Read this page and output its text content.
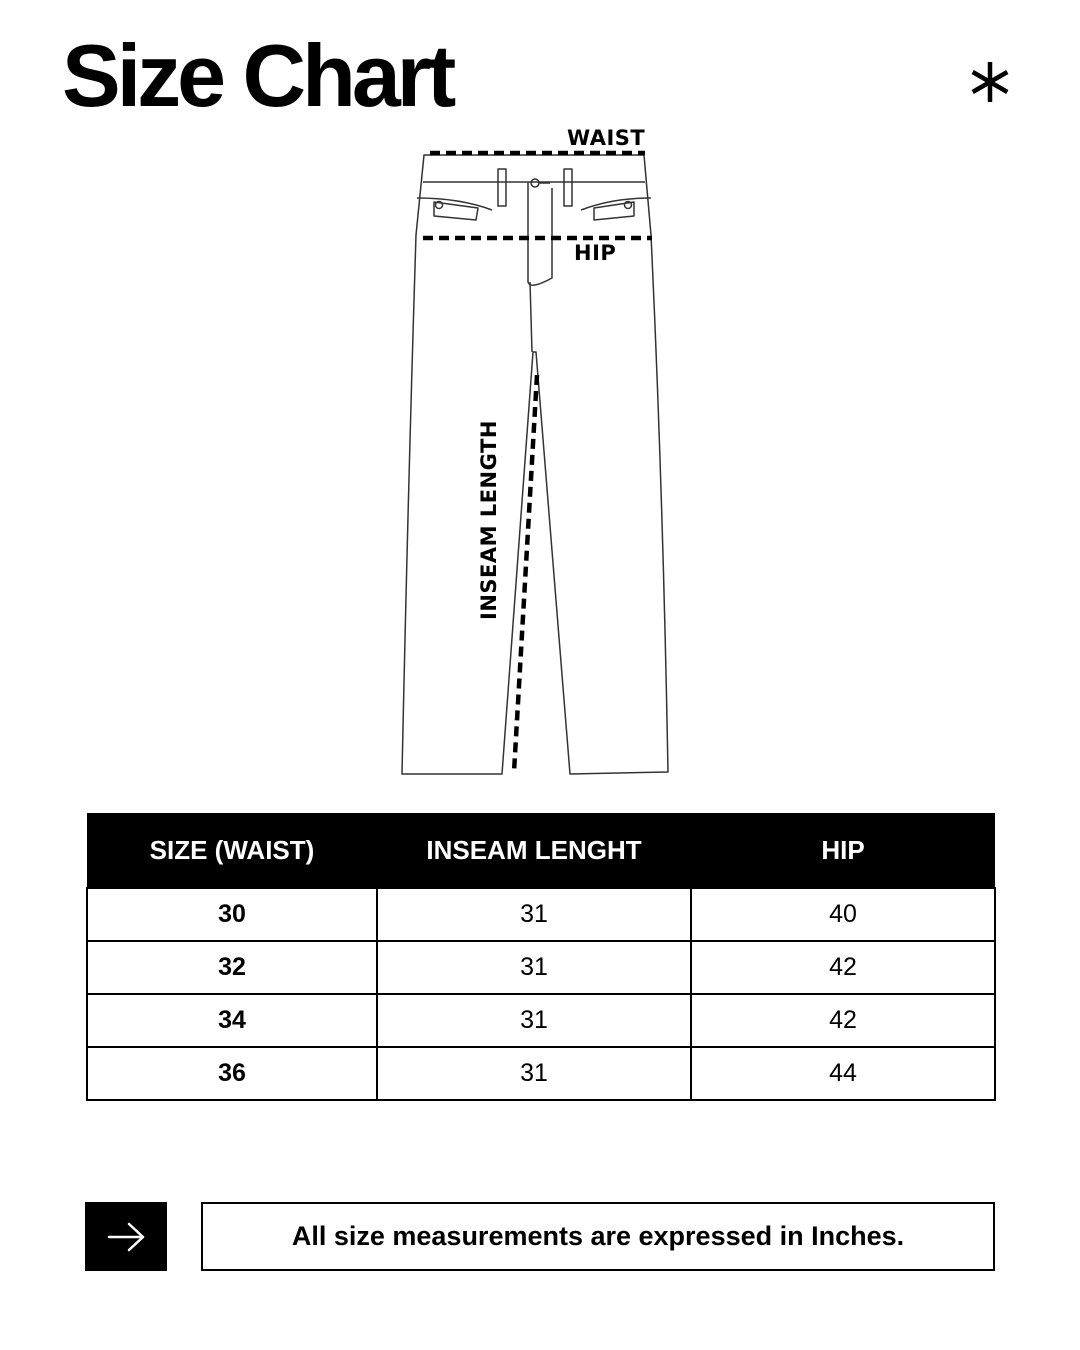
Size Chart
WAIST
HIP
INSEAM LENGTH
SIZE (WAIST)	INSEAM LENGHT	HIP
30	31	40
32	31	42
34	31	42
36	31	44
All size measurements are expressed in Inches.
